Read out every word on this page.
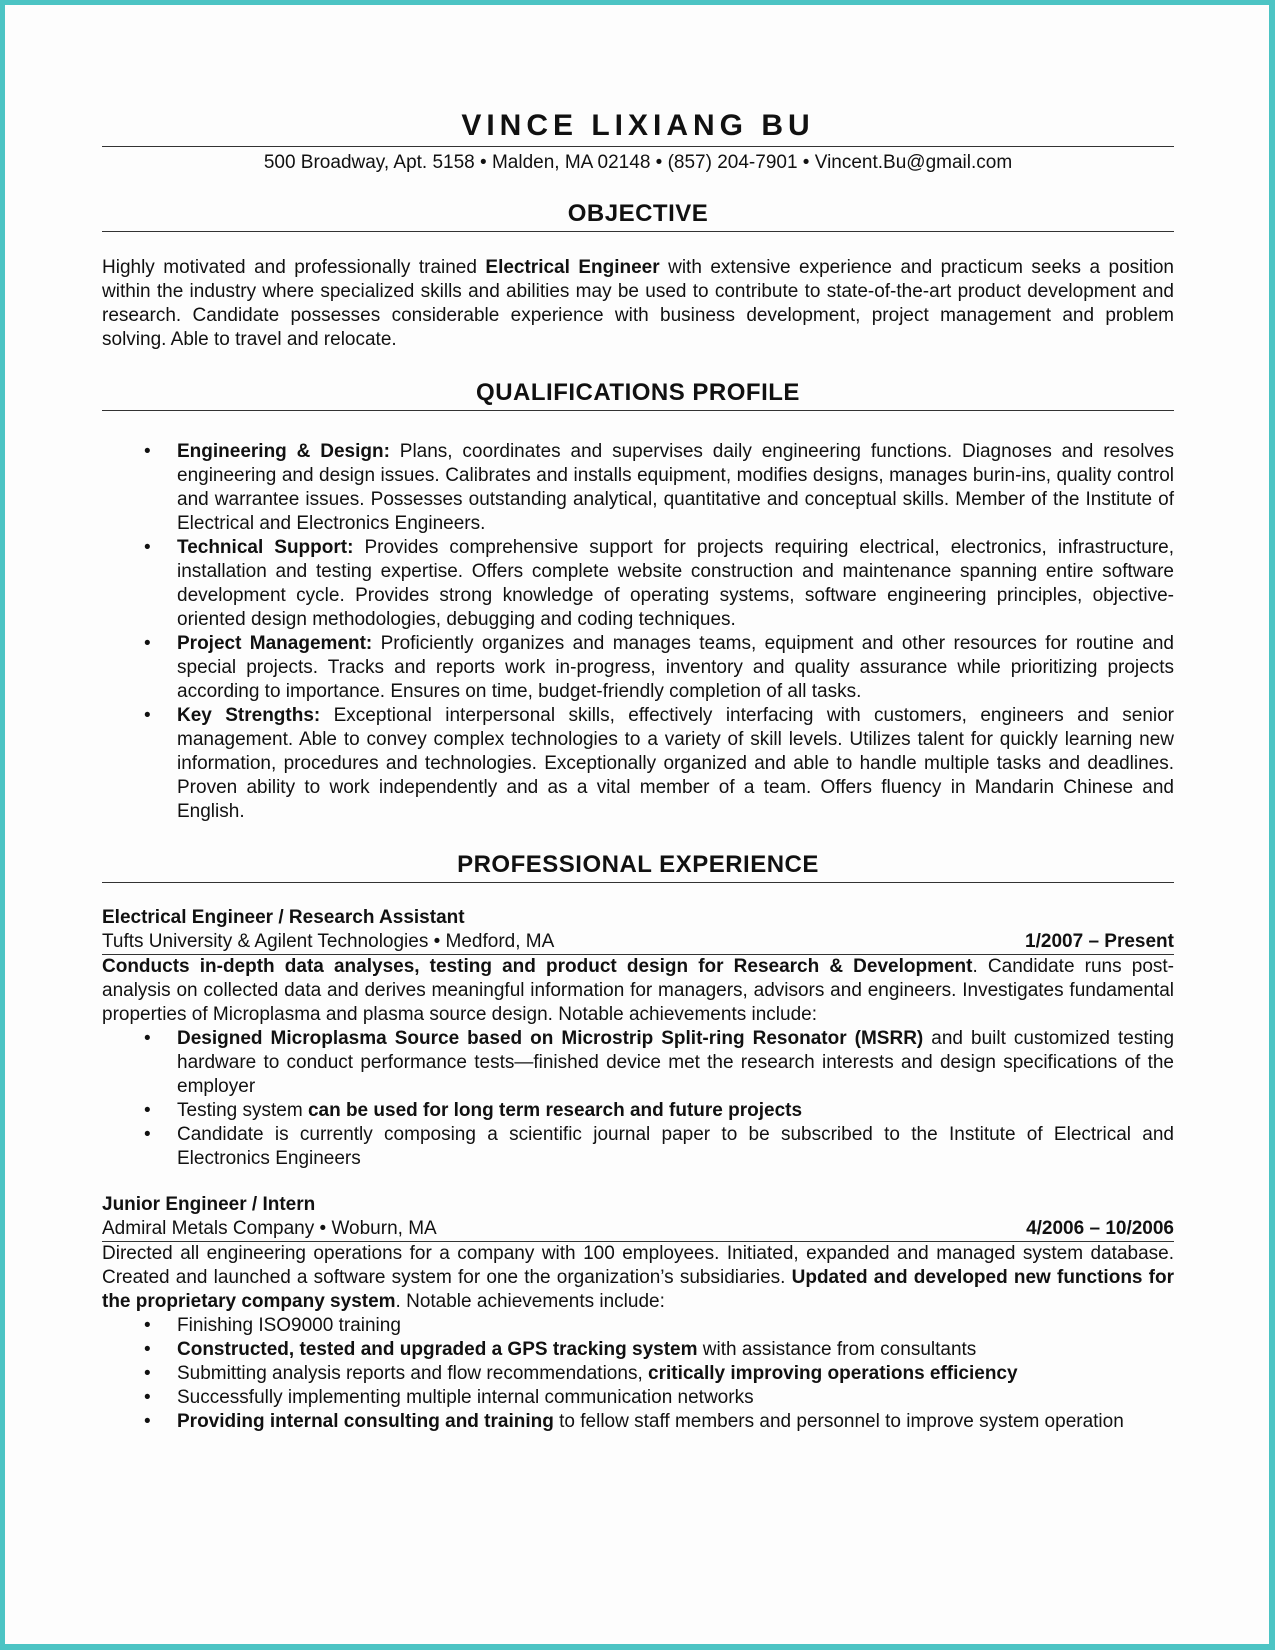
VINCE LIXIANG BU
500 Broadway, Apt. 5158 • Malden, MA 02148 • (857) 204-7901 • Vincent.Bu@gmail.com
OBJECTIVE

Highly motivated and professionally trained Electrical Engineer with extensive experience and practicum seeks a position within the industry where specialized skills and abilities may be used to contribute to state-of-the-art product development and research. Candidate possesses considerable experience with business development, project management and problem solving. Able to travel and relocate.

QUALIFICATIONS PROFILE
• Engineering & Design: Plans, coordinates and supervises daily engineering functions. Diagnoses and resolves engineering and design issues. Calibrates and installs equipment, modifies designs, manages burin-ins, quality control and warrantee issues. Possesses outstanding analytical, quantitative and conceptual skills. Member of the Institute of Electrical and Electronics Engineers.
• Technical Support: Provides comprehensive support for projects requiring electrical, electronics, infrastructure, installation and testing expertise. Offers complete website construction and maintenance spanning entire software development cycle. Provides strong knowledge of operating systems, software engineering principles, objective-oriented design methodologies, debugging and coding techniques.
• Project Management: Proficiently organizes and manages teams, equipment and other resources for routine and special projects. Tracks and reports work in-progress, inventory and quality assurance while prioritizing projects according to importance. Ensures on time, budget-friendly completion of all tasks.
• Key Strengths: Exceptional interpersonal skills, effectively interfacing with customers, engineers and senior management. Able to convey complex technologies to a variety of skill levels. Utilizes talent for quickly learning new information, procedures and technologies. Exceptionally organized and able to handle multiple tasks and deadlines. Proven ability to work independently and as a vital member of a team. Offers fluency in Mandarin Chinese and English.
PROFESSIONAL EXPERIENCE
Electrical Engineer / Research Assistant
Tufts University & Agilent Technologies • Medford, MA	1/2007 – Present

Conducts in-depth data analyses, testing and product design for Research & Development. Candidate runs post-analysis on collected data and derives meaningful information for managers, advisors and engineers. Investigates fundamental properties of Microplasma and plasma source design. Notable achievements include:

• Designed Microplasma Source based on Microstrip Split-ring Resonator (MSRR) and built customized testing hardware to conduct performance tests—finished device met the research interests and design specifications of the employer
• Testing system can be used for long term research and future projects
• Candidate is currently composing a scientific journal paper to be subscribed to the Institute of Electrical and Electronics Engineers
Junior Engineer / Intern
Admiral Metals Company • Woburn, MA	4/2006 – 10/2006

Directed all engineering operations for a company with 100 employees. Initiated, expanded and managed system database. Created and launched a software system for one the organization’s subsidiaries. Updated and developed new functions for the proprietary company system. Notable achievements include:

• Finishing ISO9000 training
• Constructed, tested and upgraded a GPS tracking system with assistance from consultants
• Submitting analysis reports and flow recommendations, critically improving operations efficiency
• Successfully implementing multiple internal communication networks
• Providing internal consulting and training to fellow staff members and personnel to improve system operation
